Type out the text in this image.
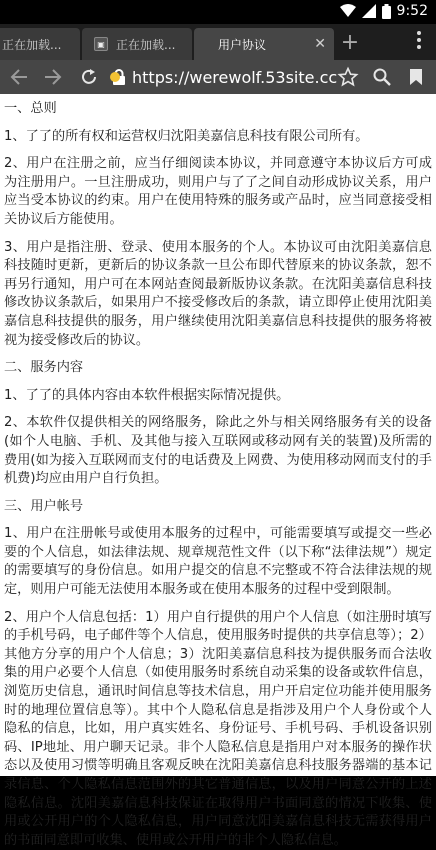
9:52
正在加载...	▣ 正在加载...	用户协议	✕ +
https://werewolf.53site.cc

一、总则

1、了了的所有权和运营权归沈阳美嘉信息科技有限公司所有。

2、用户在注册之前，应当仔细阅读本协议，并同意遵守本协议后方可成为注册用户。一旦注册成功，则用户与了了之间自动形成协议关系，用户应当受本协议的约束。用户在使用特殊的服务或产品时，应当同意接受相关协议后方能使用。

3、用户是指注册、登录、使用本服务的个人。本协议可由沈阳美嘉信息科技随时更新，更新后的协议条款一旦公布即代替原来的协议条款，恕不再另行通知，用户可在本网站查阅最新版协议条款。在沈阳美嘉信息科技修改协议条款后，如果用户不接受修改后的条款，请立即停止使用沈阳美嘉信息科技提供的服务，用户继续使用沈阳美嘉信息科技提供的服务将被视为接受修改后的协议。

二、服务内容

1、了了的具体内容由本软件根据实际情况提供。

2、本软件仅提供相关的网络服务，除此之外与相关网络服务有关的设备(如个人电脑、手机、及其他与接入互联网或移动网有关的装置)及所需的费用(如为接入互联网而支付的电话费及上网费、为使用移动网而支付的手机费)均应由用户自行负担。

三、用户帐号

1、用户在注册帐号或使用本服务的过程中，可能需要填写或提交一些必要的个人信息，如法律法规、规章规范性文件（以下称“法律法规”）规定的需要填写的身份信息。如用户提交的信息不完整或不符合法律法规的规定，则用户可能无法使用本服务或在使用本服务的过程中受到限制。

2、用户个人信息包括：1）用户自行提供的用户个人信息（如注册时填写的手机号码，电子邮件等个人信息，使用服务时提供的共享信息等）；2）其他方分享的用户个人信息；3）沈阳美嘉信息科技为提供服务而合法收集的用户必要个人信息（如使用服务时系统自动采集的设备或软件信息，浏览历史信息，通讯时间信息等技术信息，用户开启定位功能并使用服务时的地理位置信息等）。其中个人隐私信息是指涉及用户个人身份或个人隐私的信息，比如，用户真实姓名、身份证号、手机号码、手机设备识别码、IP地址、用户聊天记录。非个人隐私信息是指用户对本服务的操作状态以及使用习惯等明确且客观反映在沈阳美嘉信息科技服务器端的基本记录信息、个人隐私信息范围外的其它普通信息，以及用户同意公开的上述隐私信息。沈阳美嘉信息科技保证在取得用户书面同意的情况下收集、使用或公开用户的个人隐私信息，用户同意沈阳美嘉信息科技无需获得用户的书面同意即可收集、使用或公开用户的非个人隐私信息。
